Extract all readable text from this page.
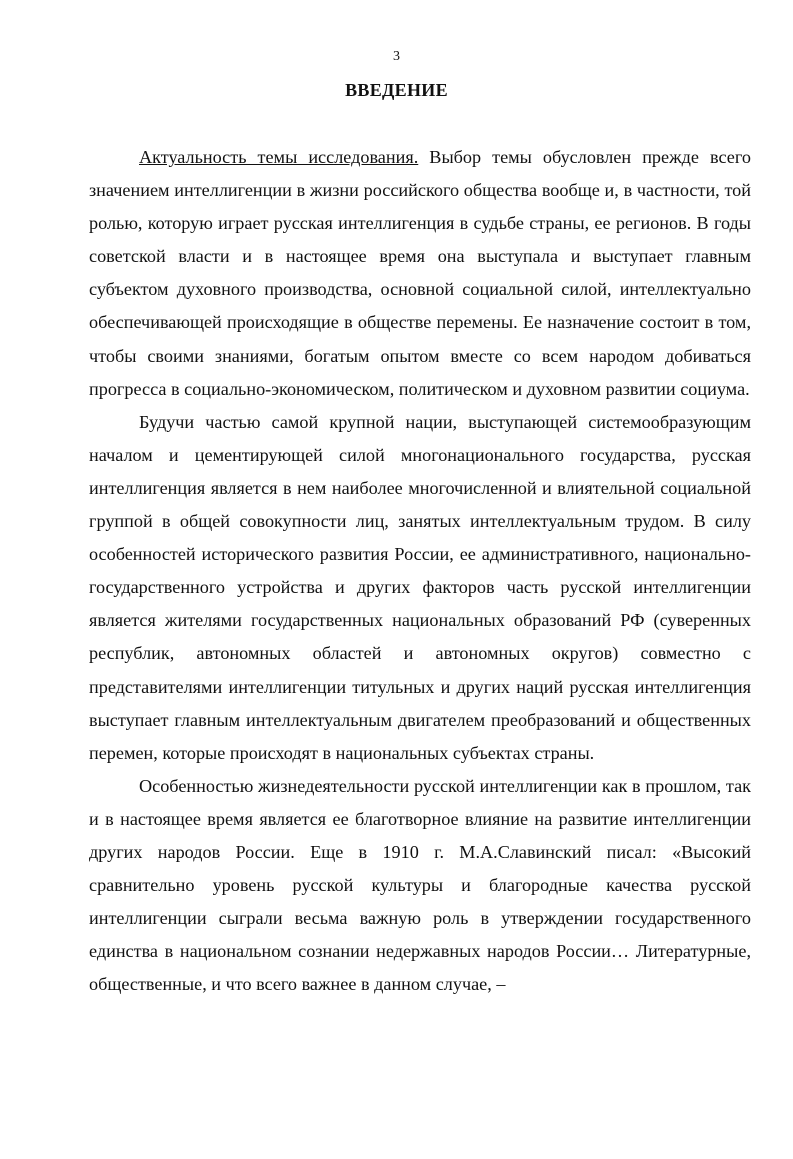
3
ВВЕДЕНИЕ

Актуальность темы исследования. Выбор темы обусловлен прежде всего значением интеллигенции в жизни российского общества вообще и, в частности, той ролью, которую играет русская интеллигенция в судьбе страны, ее регионов. В годы советской власти и в настоящее время она выступала и выступает главным субъектом духовного производства, основной социальной силой, интеллектуально обеспечивающей происходящие в обществе перемены. Ее назначение состоит в том, чтобы своими знаниями, богатым опытом вместе со всем народом добиваться прогресса в социально-экономическом, политическом и духовном развитии социума.

Будучи частью самой крупной нации, выступающей системообразующим началом и цементирующей силой многонационального государства, русская интеллигенция является в нем наиболее многочисленной и влиятельной социальной группой в общей совокупности лиц, занятых интеллектуальным трудом. В силу особенностей исторического развития России, ее административного, национально-государственного устройства и других факторов часть русской интеллигенции является жителями государственных национальных образований РФ (суверенных республик, автономных областей и автономных округов) совместно с представителями интеллигенции титульных и других наций русская интеллигенция выступает главным интеллектуальным двигателем преобразований и общественных перемен, которые происходят в национальных субъектах страны.

Особенностью жизнедеятельности русской интеллигенции как в прошлом, так и в настоящее время является ее благотворное влияние на развитие интеллигенции других народов России. Еще в 1910 г. М.А.Славинский писал: «Высокий сравнительно уровень русской культуры и благородные качества русской интеллигенции сыграли весьма важную роль в утверждении государственного единства в национальном сознании недержавных народов России… Литературные, общественные, и что всего важнее в данном случае, –
